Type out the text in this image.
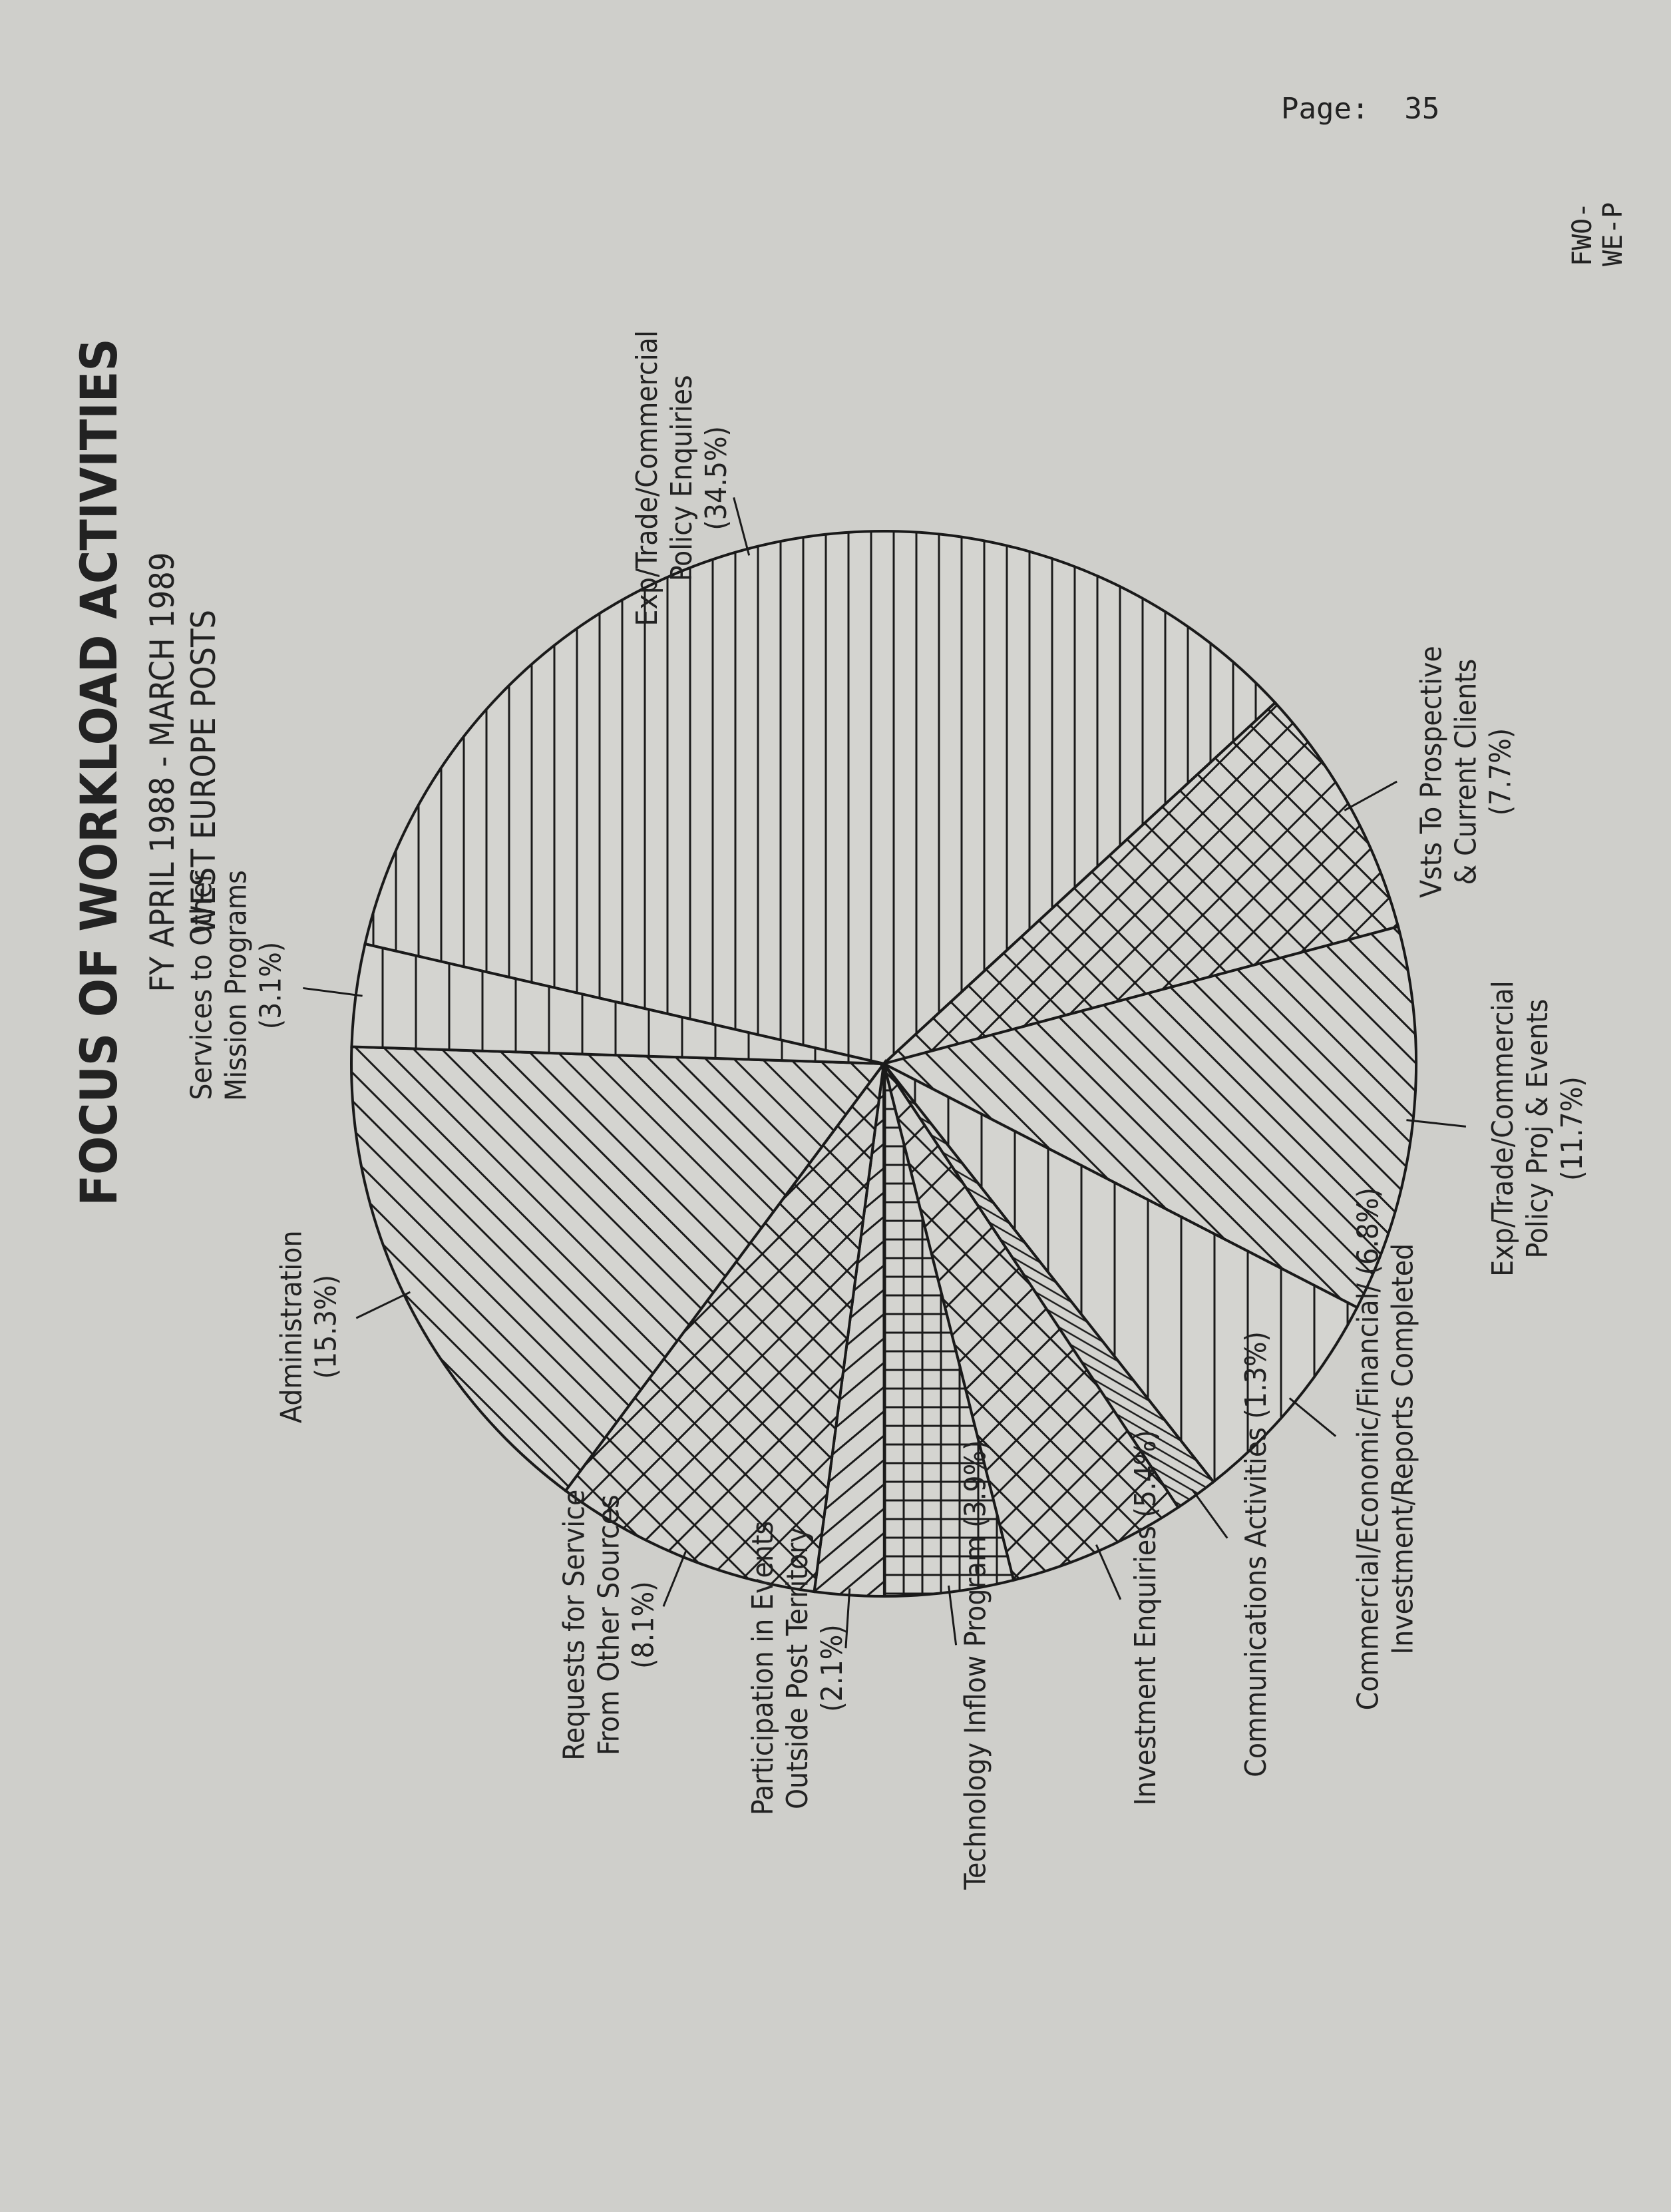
Page:  35
FWO-WE-P
FOCUS OF WORKLOAD ACTIVITIES FY APRIL 1988 - MARCH 1989 WEST EUROPE POSTS
Exp/Trade/Commercial Policy Enquiries (34.5%)
Vsts To Prospective & Current Clients (7.7%)
Exp/Trade/Commercial Policy Proj & Events (11.7%)
Commercial/Economic/Financial/ (6.8%) Investment/Reports Completed
Communications Activities (1.3%)
Investment Enquiries (5.4%)
Technology Inflow Program (3.9%)
Participation in Events Outside Post Territory (2.1%)
Requests for Service From Other Sources (8.1%)
Administration (15.3%)
Services to Other Mission Programs (3.1%)
